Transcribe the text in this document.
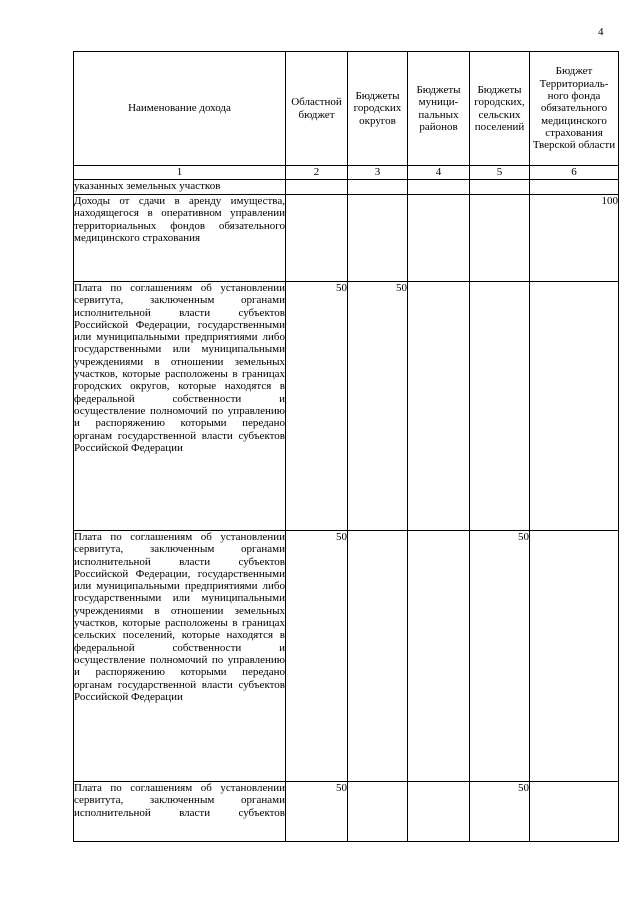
4
Наименование дохода	Областной бюджет	Бюджеты городских округов	Бюджеты муници-пальных районов	Бюджеты городских, сельских поселений	Бюджет Территориаль-ного фонда обязательного медицинского страхования Тверской области
1	2	3	4	5	6
указанных земельных участков					
Доходы от сдачи в аренду имущества, находящегося в оперативном управлении территориальных фондов обязательного медицинского страхования					100
Плата по соглашениям об установлении сервитута, заключенным органами исполнительной власти субъектов Российской Федерации, государственными или муниципальными предприятиями либо государственными или муниципальными учреждениями в отношении земельных участков, которые расположены в границах городских округов, которые находятся в федеральной собственности и осуществление полномочий по управлению и распоряжению которыми передано органам государственной власти субъектов Российской Федерации	50	50			
Плата по соглашениям об установлении сервитута, заключенным органами исполнительной власти субъектов Российской Федерации, государственными или муниципальными предприятиями либо государственными или муниципальными учреждениями в отношении земельных участков, которые расположены в границах сельских поселений, которые находятся в федеральной собственности и осуществление полномочий по управлению и распоряжению которыми передано органам государственной власти субъектов Российской Федерации	50			50	
Плата по соглашениям об установлении сервитута, заключенным органами исполнительной власти субъектов	50			50	
